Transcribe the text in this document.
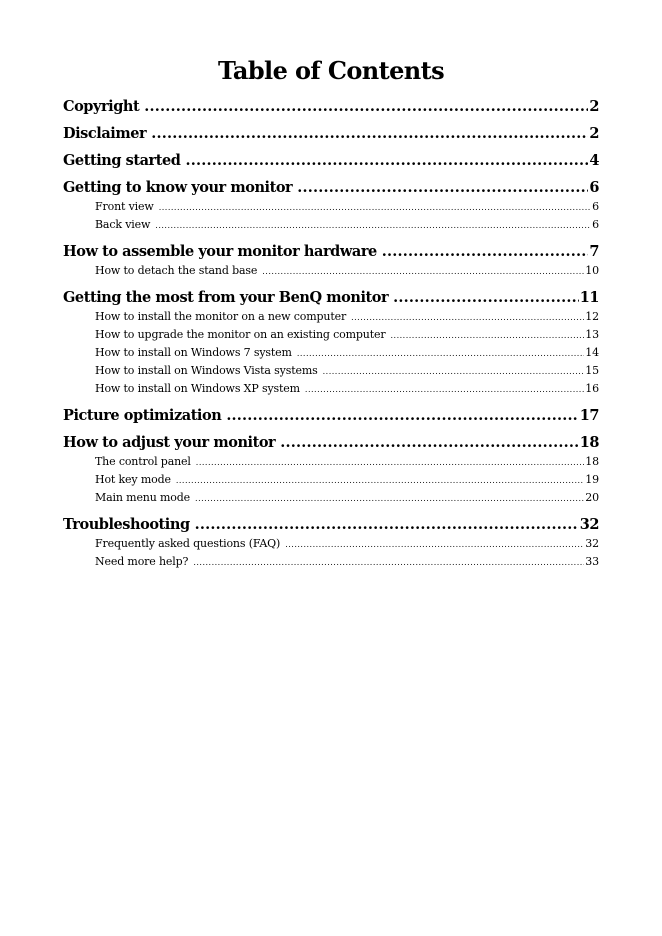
Table of Contents
Copyright .....	2
Disclaimer .....	2
Getting started .....	4
Getting to know your monitor .....	6
Front view .....	6
Back view .....	6
How to assemble your monitor hardware .....	7
How to detach the stand base .....	10
Getting the most from your BenQ monitor .....	11
How to install the monitor on a new computer .....	12
How to upgrade the monitor on an existing computer .....	13
How to install on Windows 7 system .....	14
How to install on Windows Vista systems .....	15
How to install on Windows XP system .....	16
Picture optimization .....	17
How to adjust your monitor .....	18
The control panel .....	18
Hot key mode .....	19
Main menu mode .....	20
Troubleshooting .....	32
Frequently asked questions (FAQ) .....	32
Need more help? .....	33
